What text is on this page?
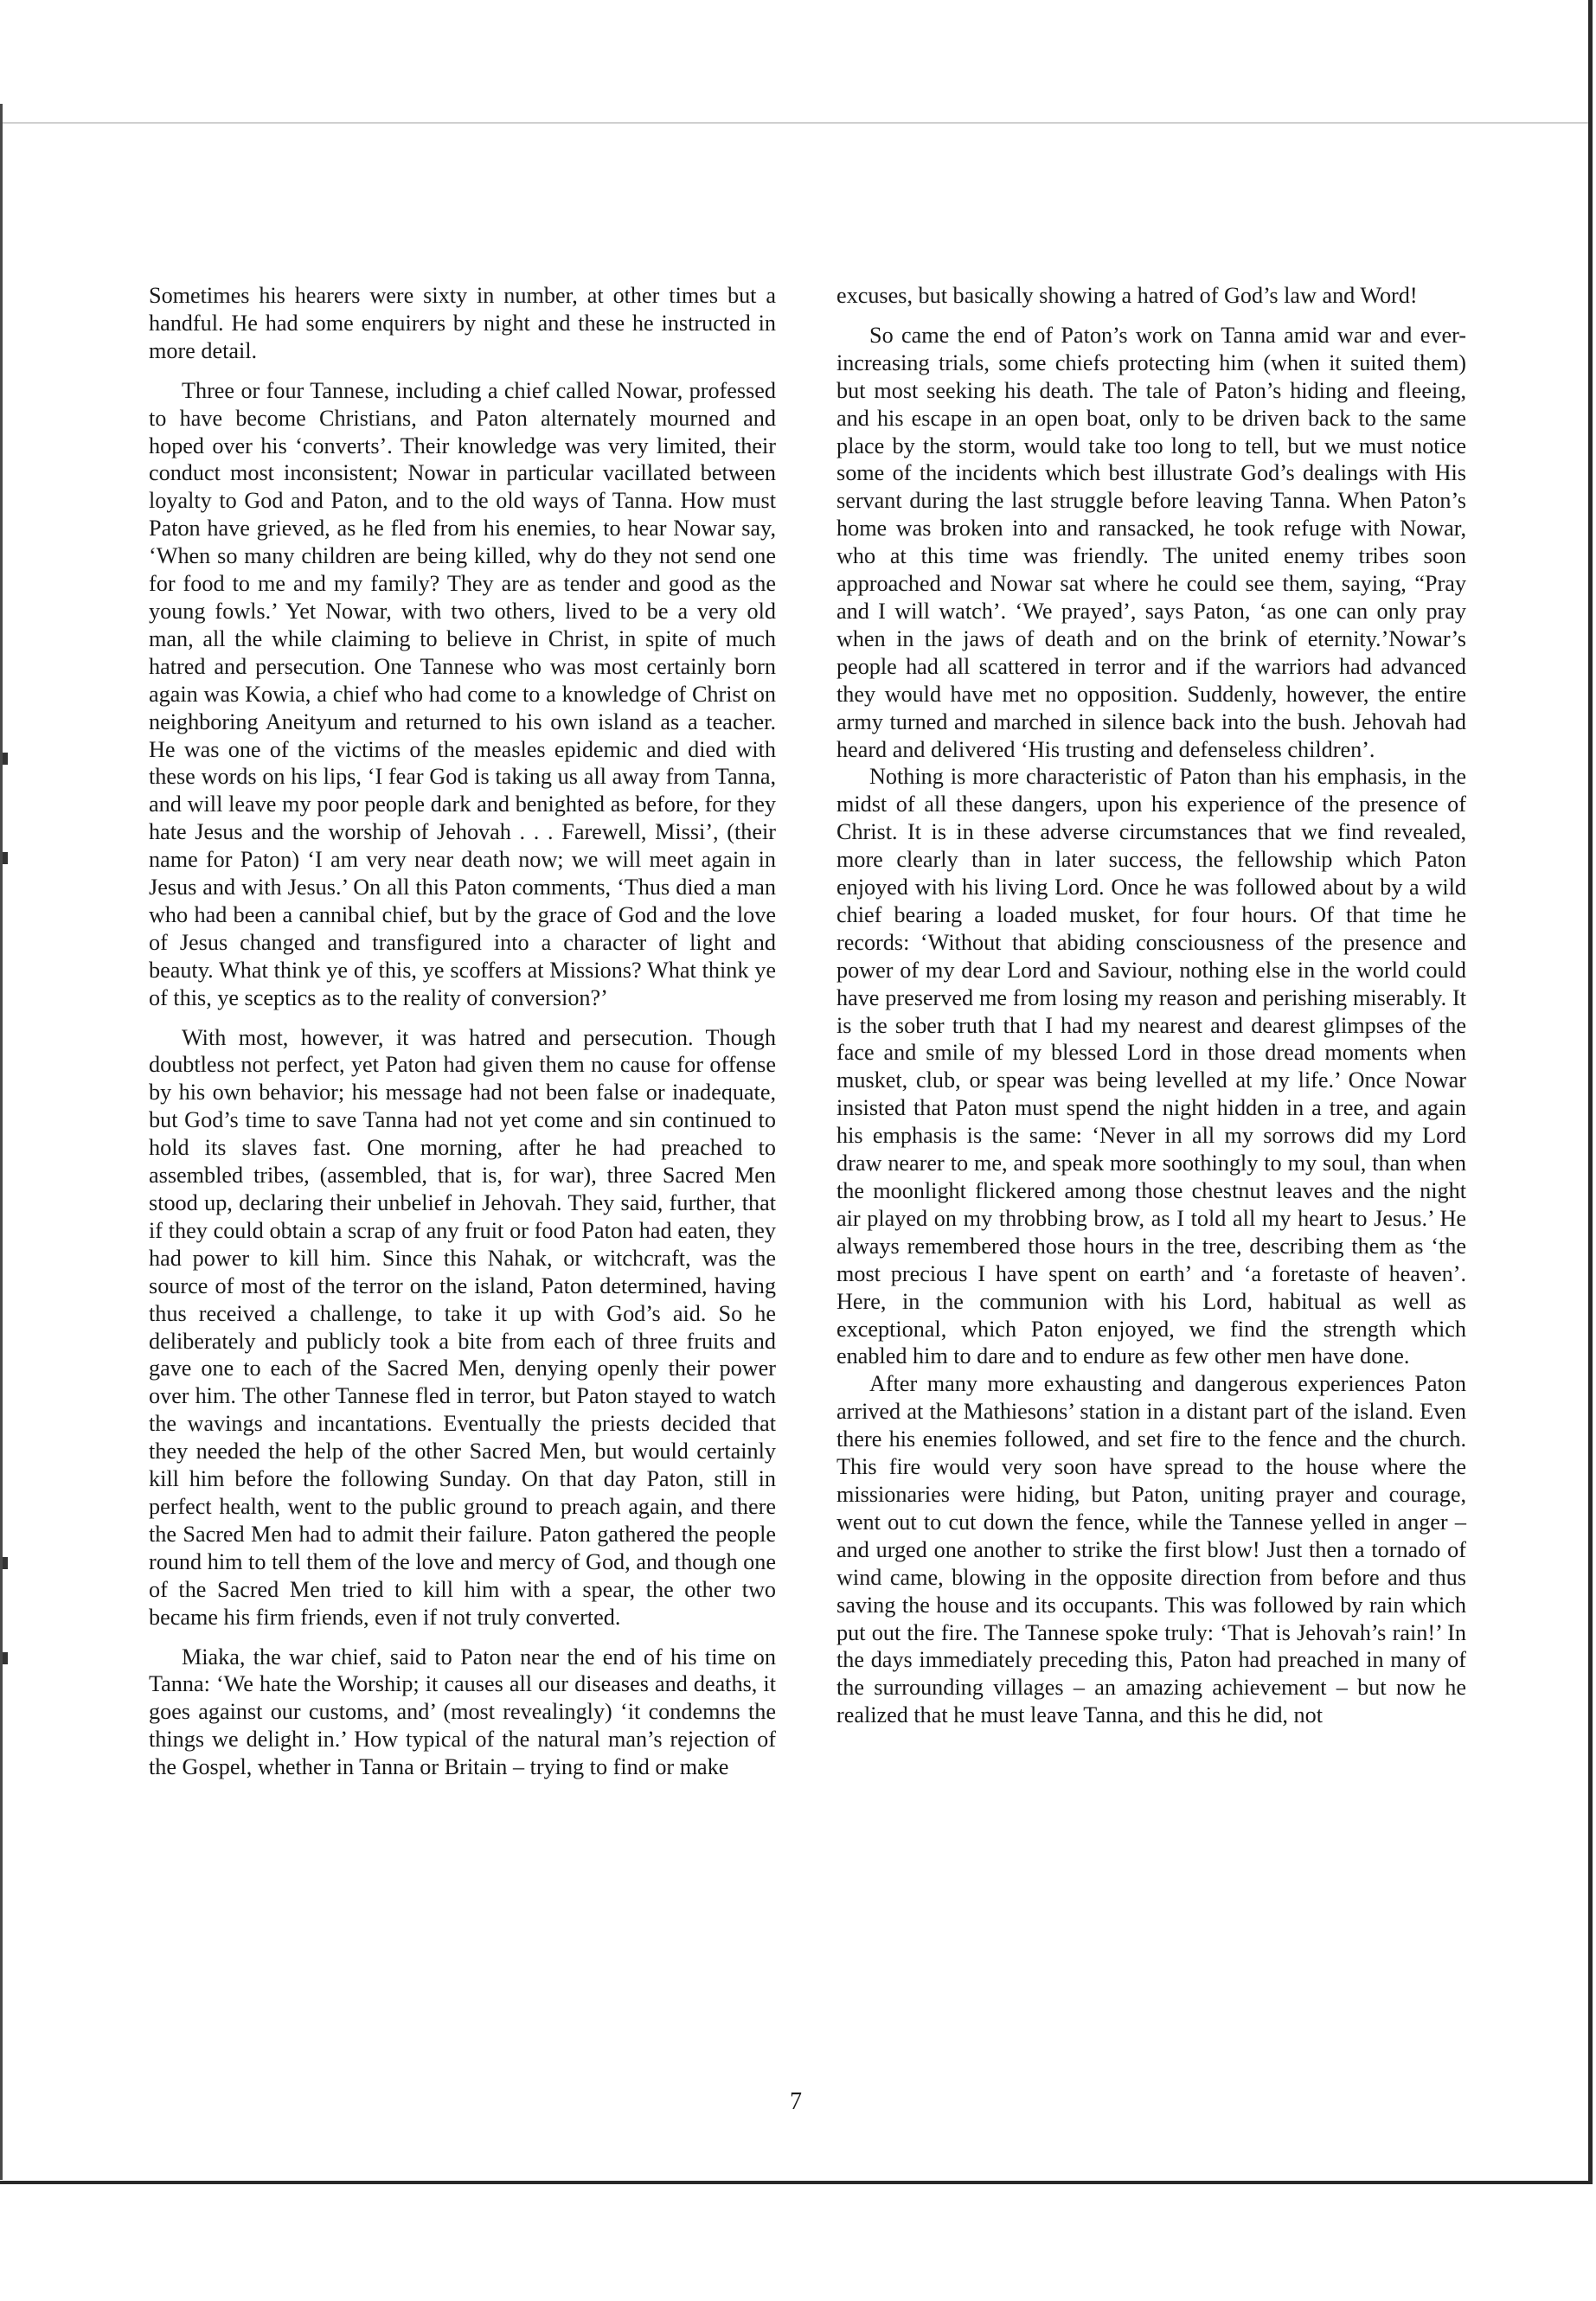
Sometimes his hearers were sixty in number, at other times but a handful. He had some enquirers by night and these he instructed in more detail.

Three or four Tannese, including a chief called Nowar, professed to have become Christians, and Paton alternately mourned and hoped over his ‘converts’. Their knowledge was very limited, their conduct most inconsistent; Nowar in particular vacillated between loyalty to God and Paton, and to the old ways of Tanna. How must Paton have grieved, as he fled from his enemies, to hear Nowar say, ‘When so many children are being killed, why do they not send one for food to me and my family? They are as tender and good as the young fowls.’ Yet Nowar, with two others, lived to be a very old man, all the while claiming to believe in Christ, in spite of much hatred and persecution. One Tannese who was most certainly born again was Kowia, a chief who had come to a knowledge of Christ on neighboring Aneityum and returned to his own island as a teacher. He was one of the victims of the measles epidemic and died with these words on his lips, ‘I fear God is taking us all away from Tanna, and will leave my poor people dark and benighted as before, for they hate Jesus and the worship of Jehovah . . . Farewell, Missi’, (their name for Paton) ‘I am very near death now; we will meet again in Jesus and with Jesus.’ On all this Paton comments, ‘Thus died a man who had been a cannibal chief, but by the grace of God and the love of Jesus changed and transfigured into a character of light and beauty. What think ye of this, ye scoffers at Missions? What think ye of this, ye sceptics as to the reality of conversion?’

With most, however, it was hatred and persecution. Though doubtless not perfect, yet Paton had given them no cause for offense by his own behavior; his message had not been false or inadequate, but God’s time to save Tanna had not yet come and sin continued to hold its slaves fast. One morning, after he had preached to assembled tribes, (assembled, that is, for war), three Sacred Men stood up, declaring their unbelief in Jehovah. They said, further, that if they could obtain a scrap of any fruit or food Paton had eaten, they had power to kill him. Since this Nahak, or witchcraft, was the source of most of the terror on the island, Paton determined, having thus received a challenge, to take it up with God’s aid. So he deliberately and publicly took a bite from each of three fruits and gave one to each of the Sacred Men, denying openly their power over him. The other Tannese fled in terror, but Paton stayed to watch the wavings and incantations. Eventually the priests decided that they needed the help of the other Sacred Men, but would certainly kill him before the following Sunday. On that day Paton, still in perfect health, went to the public ground to preach again, and there the Sacred Men had to admit their failure. Paton gathered the people round him to tell them of the love and mercy of God, and though one of the Sacred Men tried to kill him with a spear, the other two became his firm friends, even if not truly converted.

Miaka, the war chief, said to Paton near the end of his time on Tanna: ‘We hate the Worship; it causes all our diseases and deaths, it goes against our customs, and’ (most revealingly) ‘it condemns the things we delight in.’ How typical of the natural man’s rejection of the Gospel, whether in Tanna or Britain – trying to find or make

excuses, but basically showing a hatred of God’s law and Word!

So came the end of Paton’s work on Tanna amid war and ever-increasing trials, some chiefs protecting him (when it suited them) but most seeking his death. The tale of Paton’s hiding and fleeing, and his escape in an open boat, only to be driven back to the same place by the storm, would take too long to tell, but we must notice some of the incidents which best illustrate God’s dealings with His servant during the last struggle before leaving Tanna. When Paton’s home was broken into and ransacked, he took refuge with Nowar, who at this time was friendly. The united enemy tribes soon approached and Nowar sat where he could see them, saying, “Pray and I will watch’. ‘We prayed’, says Paton, ‘as one can only pray when in the jaws of death and on the brink of eternity.’Nowar’s people had all scattered in terror and if the warriors had advanced they would have met no opposition. Suddenly, however, the entire army turned and marched in silence back into the bush. Jehovah had heard and delivered ‘His trusting and defenseless children’.

Nothing is more characteristic of Paton than his emphasis, in the midst of all these dangers, upon his experience of the presence of Christ. It is in these adverse circumstances that we find revealed, more clearly than in later success, the fellowship which Paton enjoyed with his living Lord. Once he was followed about by a wild chief bearing a loaded musket, for four hours. Of that time he records: ‘Without that abiding consciousness of the presence and power of my dear Lord and Saviour, nothing else in the world could have preserved me from losing my reason and perishing miserably. It is the sober truth that I had my nearest and dearest glimpses of the face and smile of my blessed Lord in those dread moments when musket, club, or spear was being levelled at my life.’ Once Nowar insisted that Paton must spend the night hidden in a tree, and again his emphasis is the same: ‘Never in all my sorrows did my Lord draw nearer to me, and speak more soothingly to my soul, than when the moonlight flickered among those chestnut leaves and the night air played on my throbbing brow, as I told all my heart to Jesus.’ He always remembered those hours in the tree, describing them as ‘the most precious I have spent on earth’ and ‘a foretaste of heaven’. Here, in the communion with his Lord, habitual as well as exceptional, which Paton enjoyed, we find the strength which enabled him to dare and to endure as few other men have done.

After many more exhausting and dangerous experiences Paton arrived at the Mathiesons’ station in a distant part of the island. Even there his enemies followed, and set fire to the fence and the church. This fire would very soon have spread to the house where the missionaries were hiding, but Paton, uniting prayer and courage, went out to cut down the fence, while the Tannese yelled in anger – and urged one another to strike the first blow! Just then a tornado of wind came, blowing in the opposite direction from before and thus saving the house and its occupants. This was followed by rain which put out the fire. The Tannese spoke truly: ‘That is Jehovah’s rain!’ In the days immediately preceding this, Paton had preached in many of the surrounding villages – an amazing achievement – but now he realized that he must leave Tanna, and this he did, not

7
